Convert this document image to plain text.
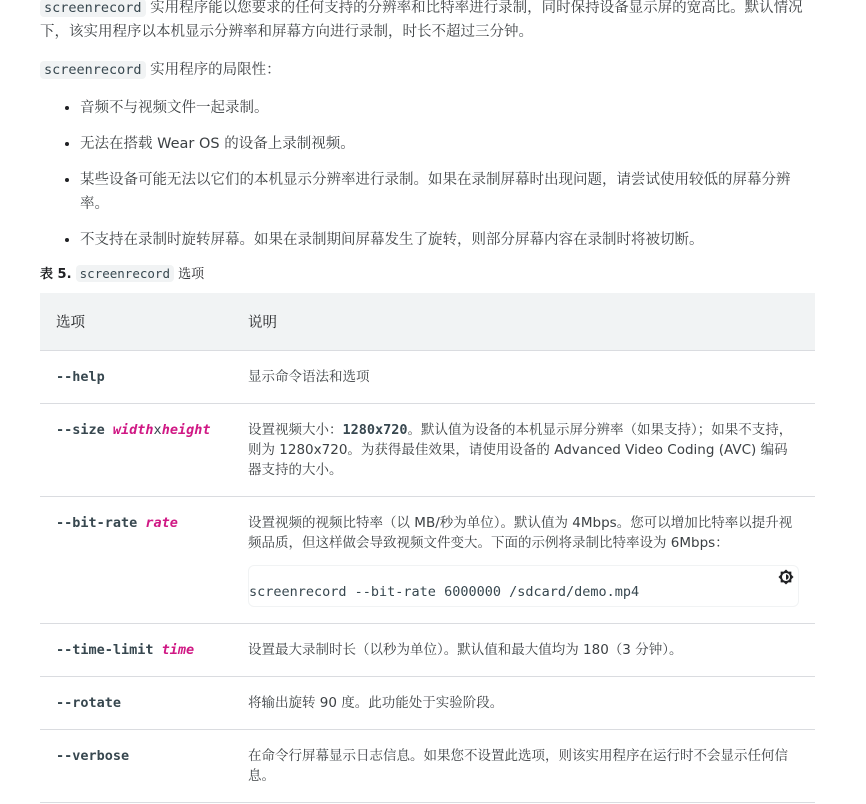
screenrecord 实用程序能以您要求的任何支持的分辨率和比特率进行录制，同时保持设备显示屏的宽高比。默认情况下，该实用程序以本机显示分辨率和屏幕方向进行录制，时长不超过三分钟。

screenrecord 实用程序的局限性：

• 音频不与视频文件一起录制。
• 无法在搭载 Wear OS 的设备上录制视频。
• 某些设备可能无法以它们的本机显示分辨率进行录制。如果在录制屏幕时出现问题，请尝试使用较低的屏幕分辨率。
• 不支持在录制时旋转屏幕。如果在录制期间屏幕发生了旋转，则部分屏幕内容在录制时将被切断。
表 5. screenrecord 选项
选项	说明
--help	显示命令语法和选项
--size widthxheight	设置视频大小：1280x720。默认值为设备的本机显示屏分辨率（如果支持）；如果不支持，则为 1280x720。为获得最佳效果，请使用设备的 Advanced Video Coding (AVC) 编码器支持的大小。
--bit-rate rate	设置视频的视频比特率（以 MB/秒为单位）。默认值为 4Mbps。您可以增加比特率以提升视频品质，但这样做会导致视频文件变大。下面的示例将录制比特率设为 6Mbps：
screenrecord --bit-rate 6000000 /sdcard/demo.mp4

--time-limit time	设置最大录制时长（以秒为单位）。默认值和最大值均为 180（3 分钟）。
--rotate	将输出旋转 90 度。此功能处于实验阶段。
--verbose	在命令行屏幕显示日志信息。如果您不设置此选项，则该实用程序在运行时不会显示任何信息。
